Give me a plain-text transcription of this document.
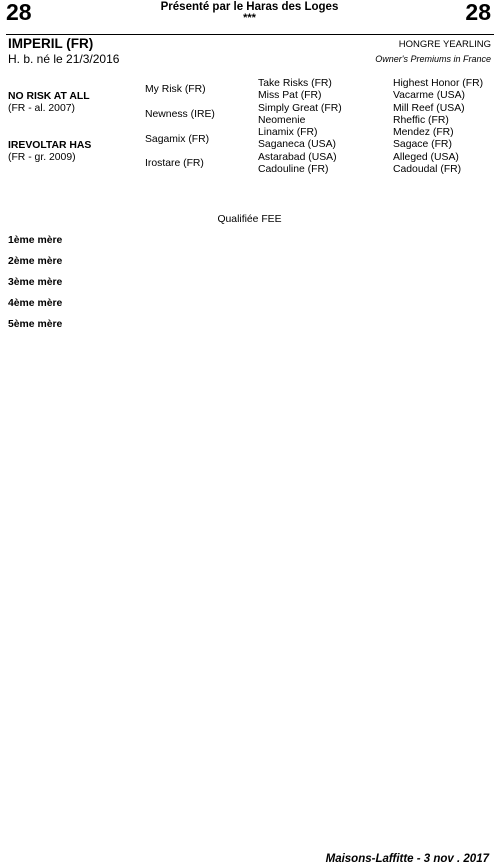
28	Présenté par le Haras des Loges
***	28
IMPERIL (FR)
H. b. né le 21/3/2016
HONGRE YEARLING
Owner's Premiums in France
NO RISK AT ALL
(FR - al. 2007)
IREVOLTAR HAS
(FR - gr. 2009)
My Risk (FR)
Newness (IRE)
Sagamix (FR)
Irostare (FR)
Take Risks (FR)
Miss Pat (FR)
Simply Great (FR)
Neomenie
Linamix (FR)
Saganeca (USA)
Astarabad (USA)
Cadouline (FR)
Highest Honor (FR)
Vacarme (USA)
Mill Reef (USA)
Rheffic (FR)
Mendez (FR)
Sagace (FR)
Alleged (USA)
Cadoudal (FR)
Qualifiée FEE

1ème mère

2ème mère

3ème mère

4ème mère

5ème mère

Maisons-Laffitte - 3 nov . 2017
